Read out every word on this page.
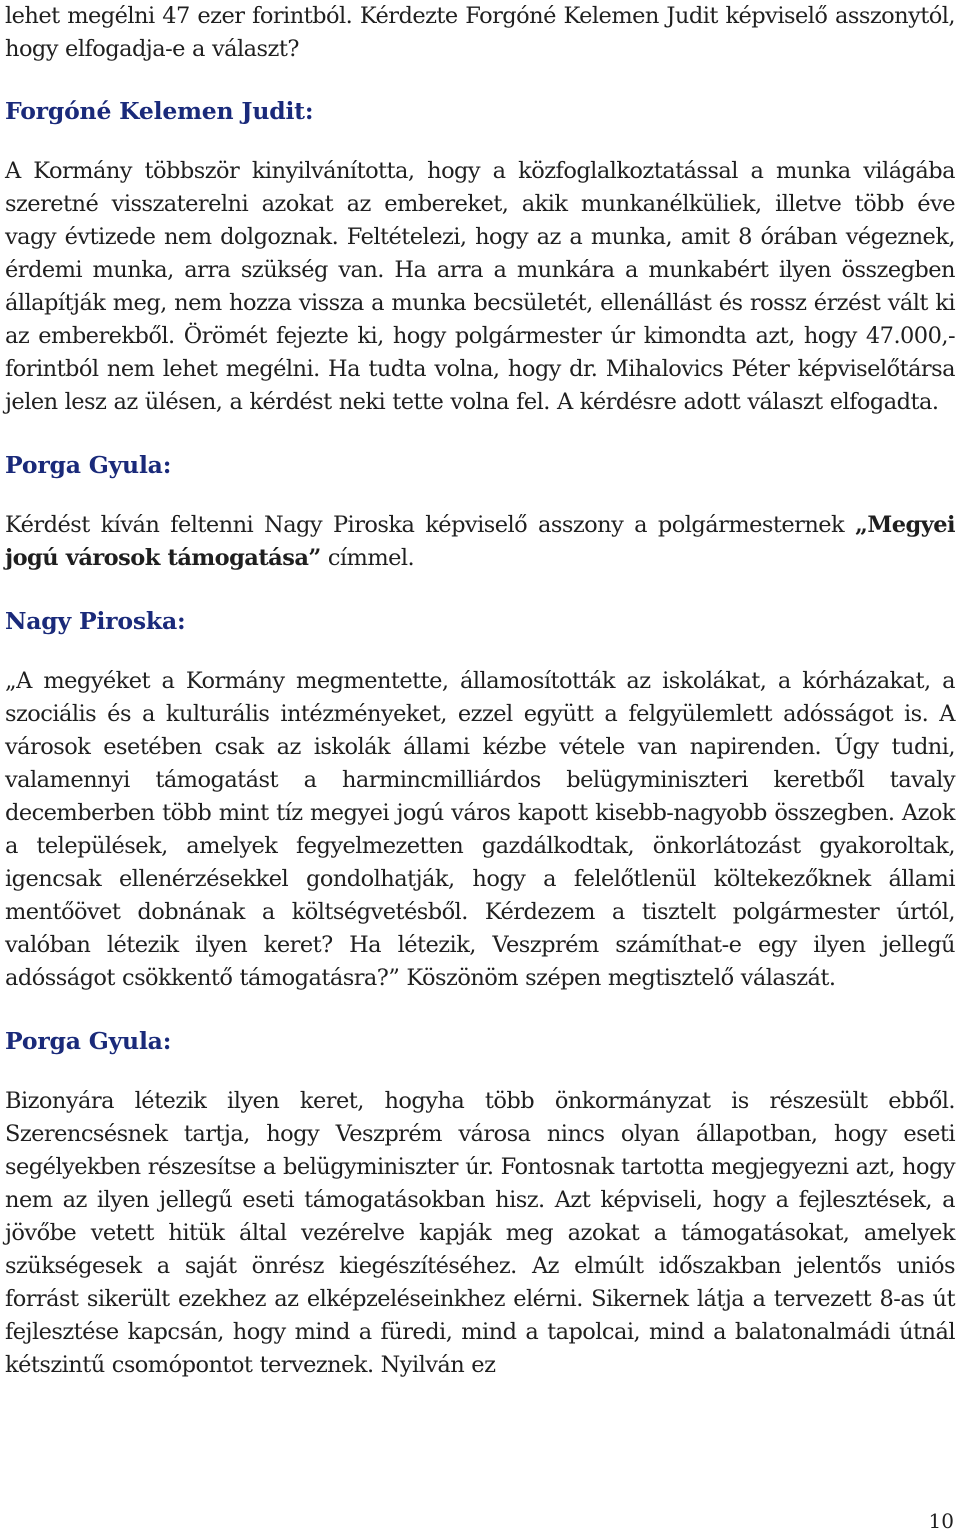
lehet megélni 47 ezer forintból. Kérdezte Forgóné Kelemen Judit képviselő asszonytól, hogy elfogadja-e a választ?

Forgóné Kelemen Judit:

A Kormány többször kinyilvánította, hogy a közfoglalkoztatással a munka világába szeretné visszaterelni azokat az embereket, akik munkanélküliek, illetve több éve vagy évtizede nem dolgoznak. Feltételezi, hogy az a munka, amit 8 órában végeznek, érdemi munka, arra szükség van. Ha arra a munkára a munkabért ilyen összegben állapítják meg, nem hozza vissza a munka becsületét, ellenállást és rossz érzést vált ki az emberekből. Örömét fejezte ki, hogy polgármester úr kimondta azt, hogy 47.000,- forintból nem lehet megélni. Ha tudta volna, hogy dr. Mihalovics Péter képviselőtársa jelen lesz az ülésen, a kérdést neki tette volna fel. A kérdésre adott választ elfogadta.

Porga Gyula:

Kérdést kíván feltenni Nagy Piroska képviselő asszony a polgármesternek „Megyei jogú városok támogatása” címmel.

Nagy Piroska:

„A megyéket a Kormány megmentette, államosították az iskolákat, a kórházakat, a szociális és a kulturális intézményeket, ezzel együtt a felgyülemlett adósságot is. A városok esetében csak az iskolák állami kézbe vétele van napirenden. Úgy tudni, valamennyi támogatást a harmincmilliárdos belügyminiszteri keretből tavaly decemberben több mint tíz megyei jogú város kapott kisebb-nagyobb összegben. Azok a települések, amelyek fegyelmezetten gazdálkodtak, önkorlátozást gyakoroltak, igencsak ellenérzésekkel gondolhatják, hogy a felelőtlenül költekezőknek állami mentőövet dobnának a költségvetésből. Kérdezem a tisztelt polgármester úrtól, valóban létezik ilyen keret? Ha létezik, Veszprém számíthat-e egy ilyen jellegű adósságot csökkentő támogatásra?” Köszönöm szépen megtisztelő válaszát.

Porga Gyula:

Bizonyára létezik ilyen keret, hogyha több önkormányzat is részesült ebből. Szerencsésnek tartja, hogy Veszprém városa nincs olyan állapotban, hogy eseti segélyekben részesítse a belügyminiszter úr. Fontosnak tartotta megjegyezni azt, hogy nem az ilyen jellegű eseti támogatásokban hisz. Azt képviseli, hogy a fejlesztések, a jövőbe vetett hitük által vezérelve kapják meg azokat a támogatásokat, amelyek szükségesek a saját önrész kiegészítéséhez. Az elmúlt időszakban jelentős uniós forrást sikerült ezekhez az elképzeléseinkhez elérni. Sikernek látja a tervezett 8-as út fejlesztése kapcsán, hogy mind a füredi, mind a tapolcai, mind a balatonalmádi útnál kétszintű csomópontot terveznek. Nyilván ez

10
